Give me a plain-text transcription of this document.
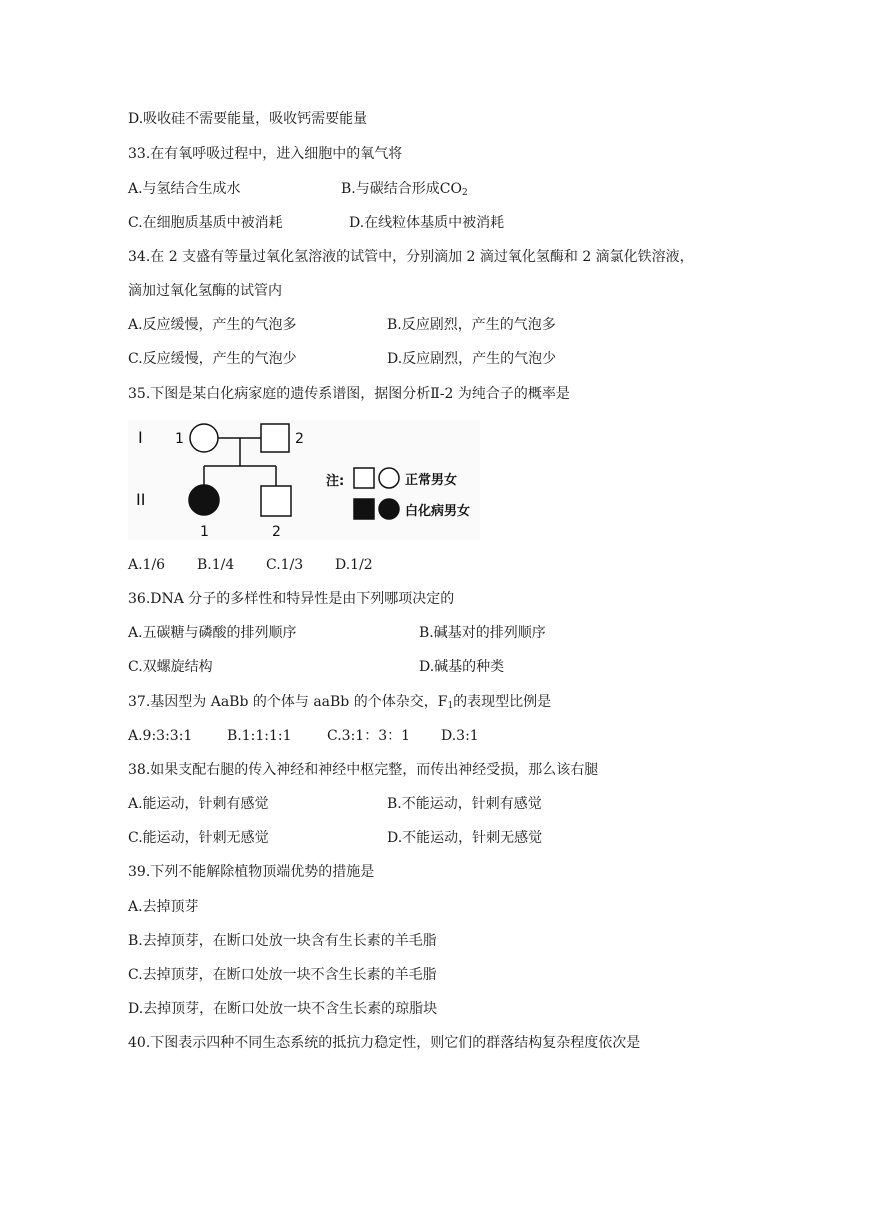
D.吸收硅不需要能量，吸收钙需要能量
33.在有氧呼吸过程中，进入细胞中的氧气将
A.与氢结合生成水	B.与碳结合形成$CO_2$
C.在细胞质基质中被消耗	D.在线粒体基质中被消耗
34.在 2 支盛有等量过氧化氢溶液的试管中，分别滴加 2 滴过氧化氢酶和 2 滴氯化铁溶液，
滴加过氧化氢酶的试管内
A.反应缓慢，产生的气泡多	B.反应剧烈，产生的气泡多
C.反应缓慢，产生的气泡少	D.反应剧烈，产生的气泡少
35.下图是某白化病家庭的遗传系谱图，据图分析Ⅱ-2 为纯合子的概率是
I
II
1	2
1	2
注:	正常男女
白化病男女
A.1/6 B.1/4 C.1/3 D.1/2
36.DNA 分子的多样性和特异性是由下列哪项决定的
A.五碳糖与磷酸的排列顺序	B.碱基对的排列顺序
C.双螺旋结构	D.碱基的种类
37.基因型为 AaBb 的个体与 aaBb 的个体杂交，$F_1$的表现型比例是
A.9:3:3:1 B.1:1:1:1	C.3:1：3：1 D.3:1
38.如果支配右腿的传入神经和神经中枢完整，而传出神经受损，那么该右腿
A.能运动，针刺有感觉	B.不能运动，针刺有感觉
C.能运动，针刺无感觉	D.不能运动，针刺无感觉
39.下列不能解除植物顶端优势的措施是
A.去掉顶芽
B.去掉顶芽，在断口处放一块含有生长素的羊毛脂
C.去掉顶芽，在断口处放一块不含生长素的羊毛脂
D.去掉顶芽，在断口处放一块不含生长素的琼脂块
40.下图表示四种不同生态系统的抵抗力稳定性，则它们的群落结构复杂程度依次是
